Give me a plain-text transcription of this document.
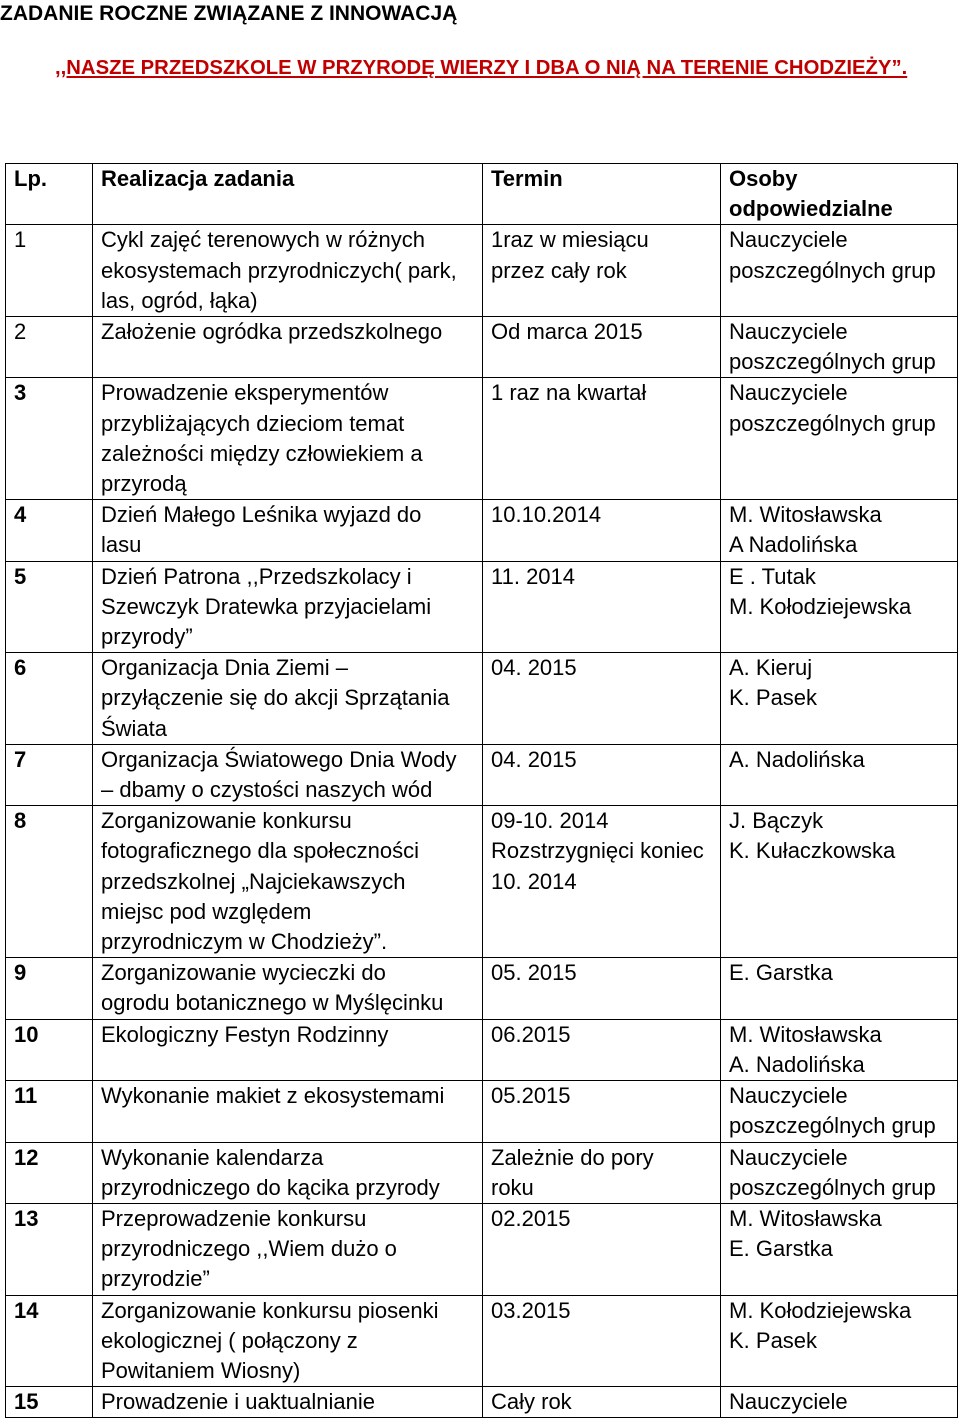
ZADANIE ROCZNE ZWIĄZANE Z INNOWACJĄ
,,NASZE PRZEDSZKOLE W PRZYRODĘ WIERZY I DBA O NIĄ NA TERENIE CHODZIEŻY”.
Lp.	Realizacja zadania	Termin	Osoby
odpowiedzialne
1	Cykl zajęć terenowych w różnych
ekosystemach przyrodniczych( park,
las, ogród, łąka)	1raz w miesiącu
przez cały rok	Nauczyciele
poszczególnych grup
2	Założenie ogródka przedszkolnego	Od marca 2015	Nauczyciele
poszczególnych grup
3	Prowadzenie eksperymentów
przybliżających dzieciom temat
zależności między człowiekiem a
przyrodą	1 raz na kwartał	Nauczyciele
poszczególnych grup
4	Dzień Małego Leśnika wyjazd do
lasu	10.10.2014	M. Witosławska
A Nadolińska
5	Dzień Patrona ,,Przedszkolacy i
Szewczyk Dratewka przyjacielami
przyrody”	11. 2014	E . Tutak
M. Kołodziejewska
6	Organizacja Dnia Ziemi –
przyłączenie się do akcji Sprzątania
Świata	04. 2015	A. Kieruj
K. Pasek
7	Organizacja Światowego Dnia Wody
– dbamy o czystości naszych wód	04. 2015	A. Nadolińska
8	Zorganizowanie konkursu
fotograficznego dla społeczności
przedszkolnej „Najciekawszych
miejsc pod względem
przyrodniczym w Chodzieży”.	09-10. 2014
Rozstrzygnięci koniec
10. 2014	J. Bączyk
K. Kułaczkowska
9	Zorganizowanie wycieczki do
ogrodu botanicznego w Myślęcinku	05. 2015	E. Garstka
10	Ekologiczny Festyn Rodzinny	06.2015	M. Witosławska
A. Nadolińska
11	Wykonanie makiet z ekosystemami	05.2015	Nauczyciele
poszczególnych grup
12	Wykonanie kalendarza
przyrodniczego do kącika przyrody	Zależnie do pory
roku	Nauczyciele
poszczególnych grup
13	Przeprowadzenie konkursu
przyrodniczego ,,Wiem dużo o
przyrodzie”	02.2015	M. Witosławska
E. Garstka
14	Zorganizowanie konkursu piosenki
ekologicznej ( połączony z
Powitaniem Wiosny)	03.2015	M. Kołodziejewska
K. Pasek
15	Prowadzenie i uaktualnianie	Cały rok	Nauczyciele
